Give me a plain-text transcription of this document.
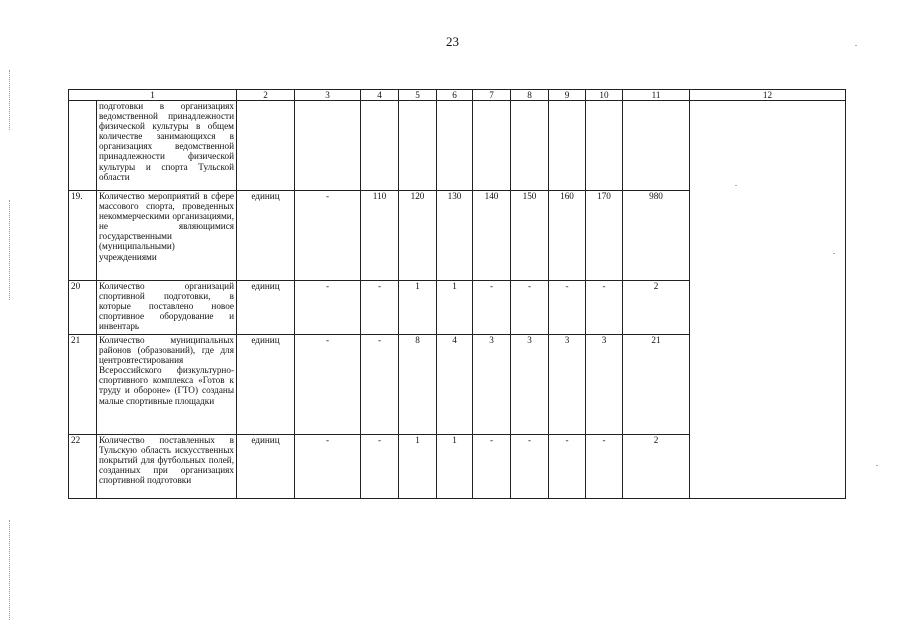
23
1		2	3	4	5	6	7	8	9	10	11	12
	подготовки в организациях ведомственной принадлежности физической культуры в общем количестве занимающихся в организациях ведомственной принадлежности физической культуры и спорта Тульской области											
19.	Количество мероприятий в сфере массового спорта, проведенных некоммерческими организациями, не являющимися государственными (муниципальными) учреждениями	единиц	-	110	120	130	140	150	160	170	980	
20	Количество организаций спортивной подготовки, в которые поставлено новое спортивное оборудование и инвентарь	единиц	-	-	1	1	-	-	-	-	2	
21	Количество муниципальных районов (образований), где для центровтестирования Всероссийского физкультурно-спортивного комплекса «Готов к труду и обороне» (ГТО) созданы малые спортивные площадки	единиц	-	-	8	4	3	3	3	3	21	
22	Количество поставленных в Тульскую область искусственных покрытий для футбольных полей, созданных при организациях спортивной подготовки	единиц	-	-	1	1	-	-	-	-	2	
